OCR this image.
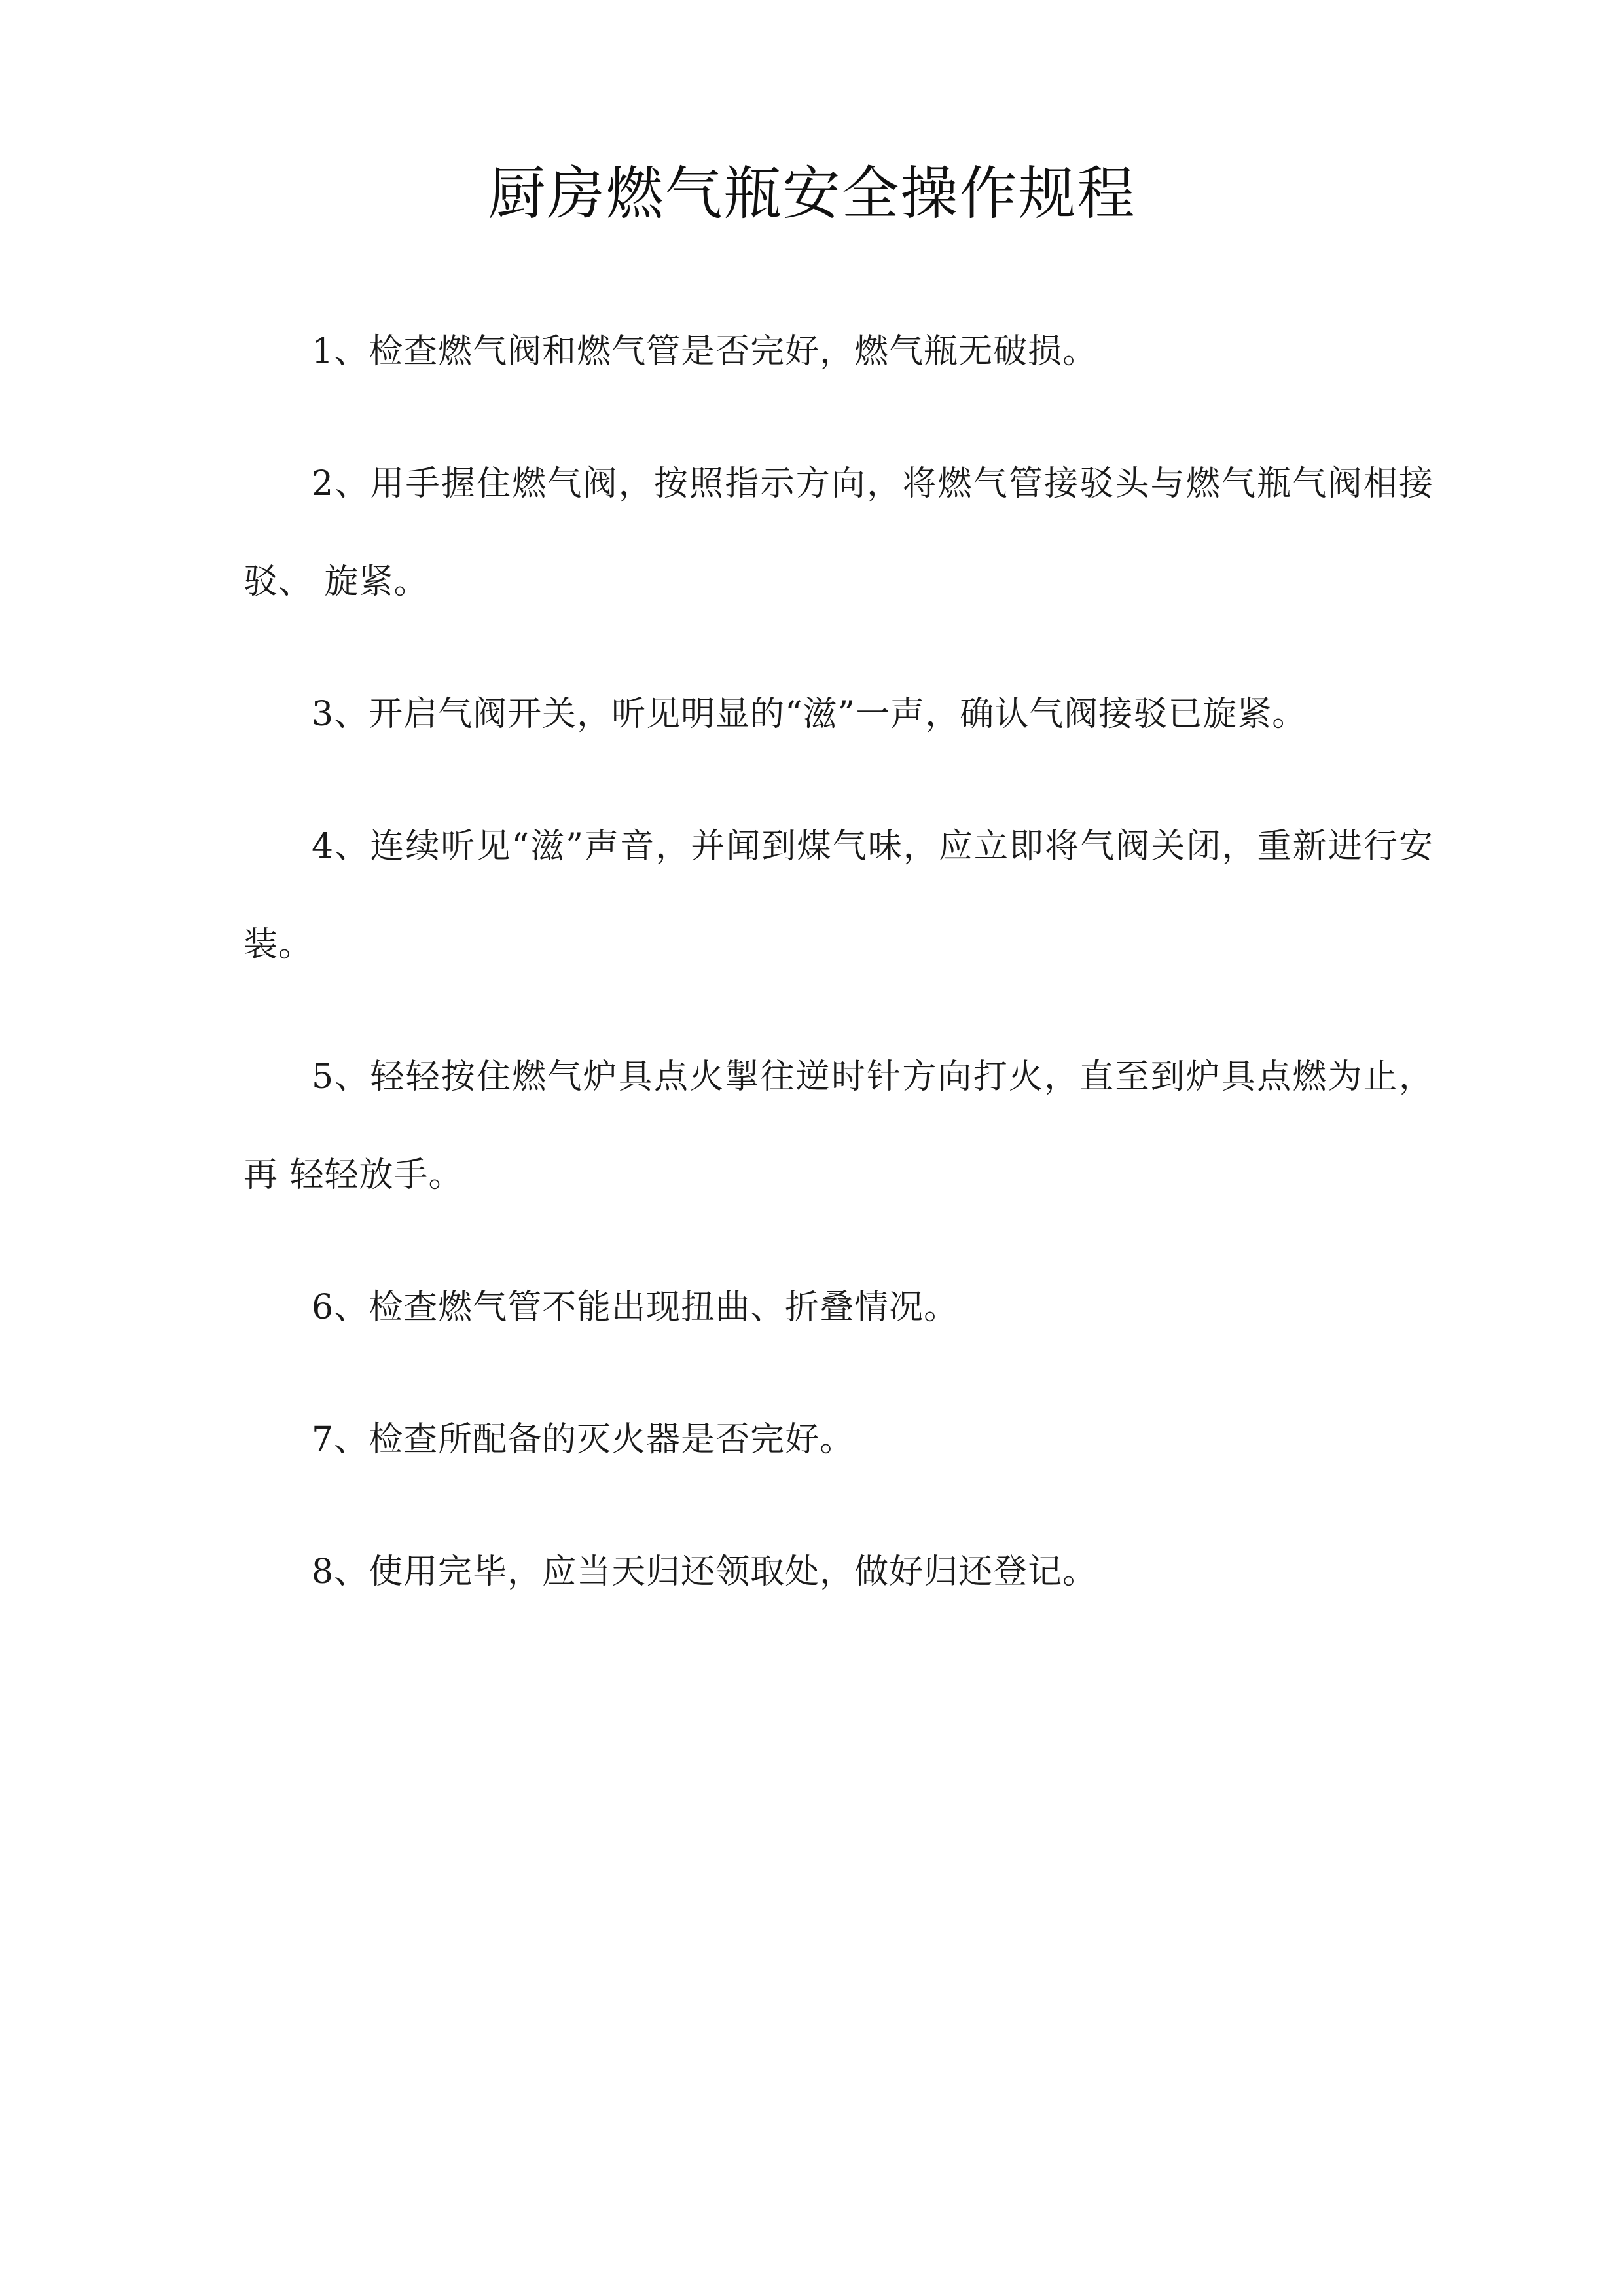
厨房燃气瓶安全操作规程

1、检查燃气阀和燃气管是否完好，燃气瓶无破损。

2、用手握住燃气阀，按照指示方向，将燃气管接驳头与燃气瓶气阀相接驳、 旋紧。

3、开启气阀开关，听见明显的“滋”一声，确认气阀接驳已旋紧。

4、连续听见“滋”声音，并闻到煤气味，应立即将气阀关闭，重新进行安装。

5、轻轻按住燃气炉具点火掣往逆时针方向打火，直至到炉具点燃为止，再 轻轻放手。

6、检查燃气管不能出现扭曲、折叠情况。

7、检查所配备的灭火器是否完好。

8、使用完毕，应当天归还领取处，做好归还登记。
